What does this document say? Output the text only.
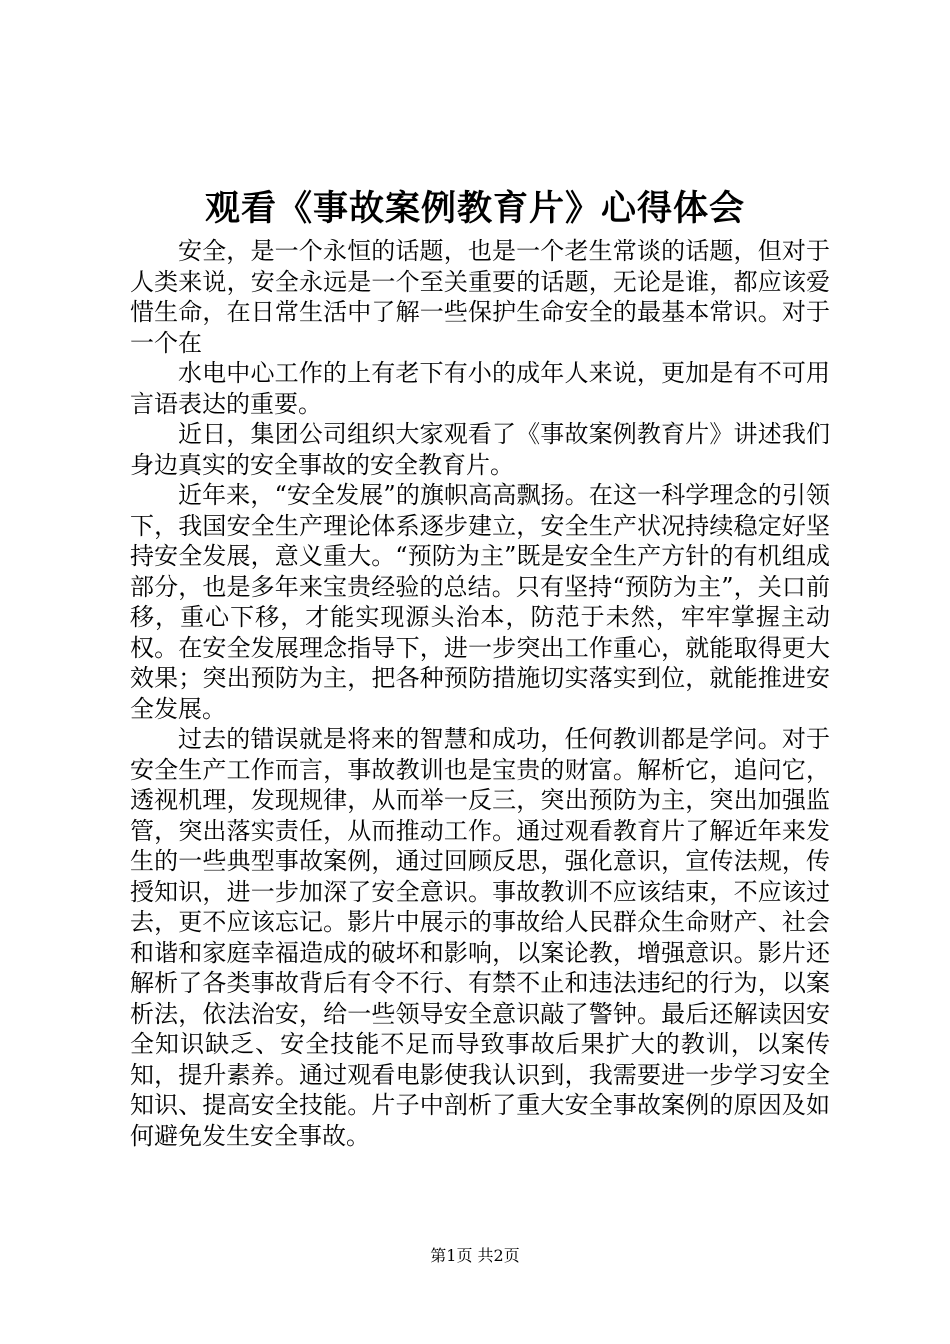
观看《事故案例教育片》心得体会

安全，是一个永恒的话题，也是一个老生常谈的话题，但对于人类来说，安全永远是一个至关重要的话题，无论是谁，都应该爱惜生命，在日常生活中了解一些保护生命安全的最基本常识。对于一个在

水电中心工作的上有老下有小的成年人来说，更加是有不可用言语表达的重要。

近日，集团公司组织大家观看了《事故案例教育片》讲述我们身边真实的安全事故的安全教育片。

近年来，“安全发展”的旗帜高高飘扬。在这一科学理念的引领下，我国安全生产理论体系逐步建立，安全生产状况持续稳定好坚持安全发展，意义重大。“预防为主”既是安全生产方针的有机组成部分，也是多年来宝贵经验的总结。只有坚持“预防为主”，关口前移，重心下移，才能实现源头治本，防范于未然，牢牢掌握主动权。在安全发展理念指导下，进一步突出工作重心，就能取得更大效果；突出预防为主，把各种预防措施切实落实到位，就能推进安全发展。

过去的错误就是将来的智慧和成功，任何教训都是学问。对于安全生产工作而言，事故教训也是宝贵的财富。解析它，追问它，透视机理，发现规律，从而举一反三，突出预防为主，突出加强监管，突出落实责任，从而推动工作。通过观看教育片了解近年来发生的一些典型事故案例，通过回顾反思，强化意识，宣传法规，传授知识，进一步加深了安全意识。事故教训不应该结束，不应该过去，更不应该忘记。影片中展示的事故给人民群众生命财产、社会和谐和家庭幸福造成的破坏和影响，以案论教，增强意识。影片还解析了各类事故背后有令不行、有禁不止和违法违纪的行为，以案析法，依法治安，给一些领导安全意识敲了警钟。最后还解读因安全知识缺乏、安全技能不足而导致事故后果扩大的教训，以案传知，提升素养。通过观看电影使我认识到，我需要进一步学习安全知识、提高安全技能。片子中剖析了重大安全事故案例的原因及如何避免发生安全事故。

第1页 共2页
